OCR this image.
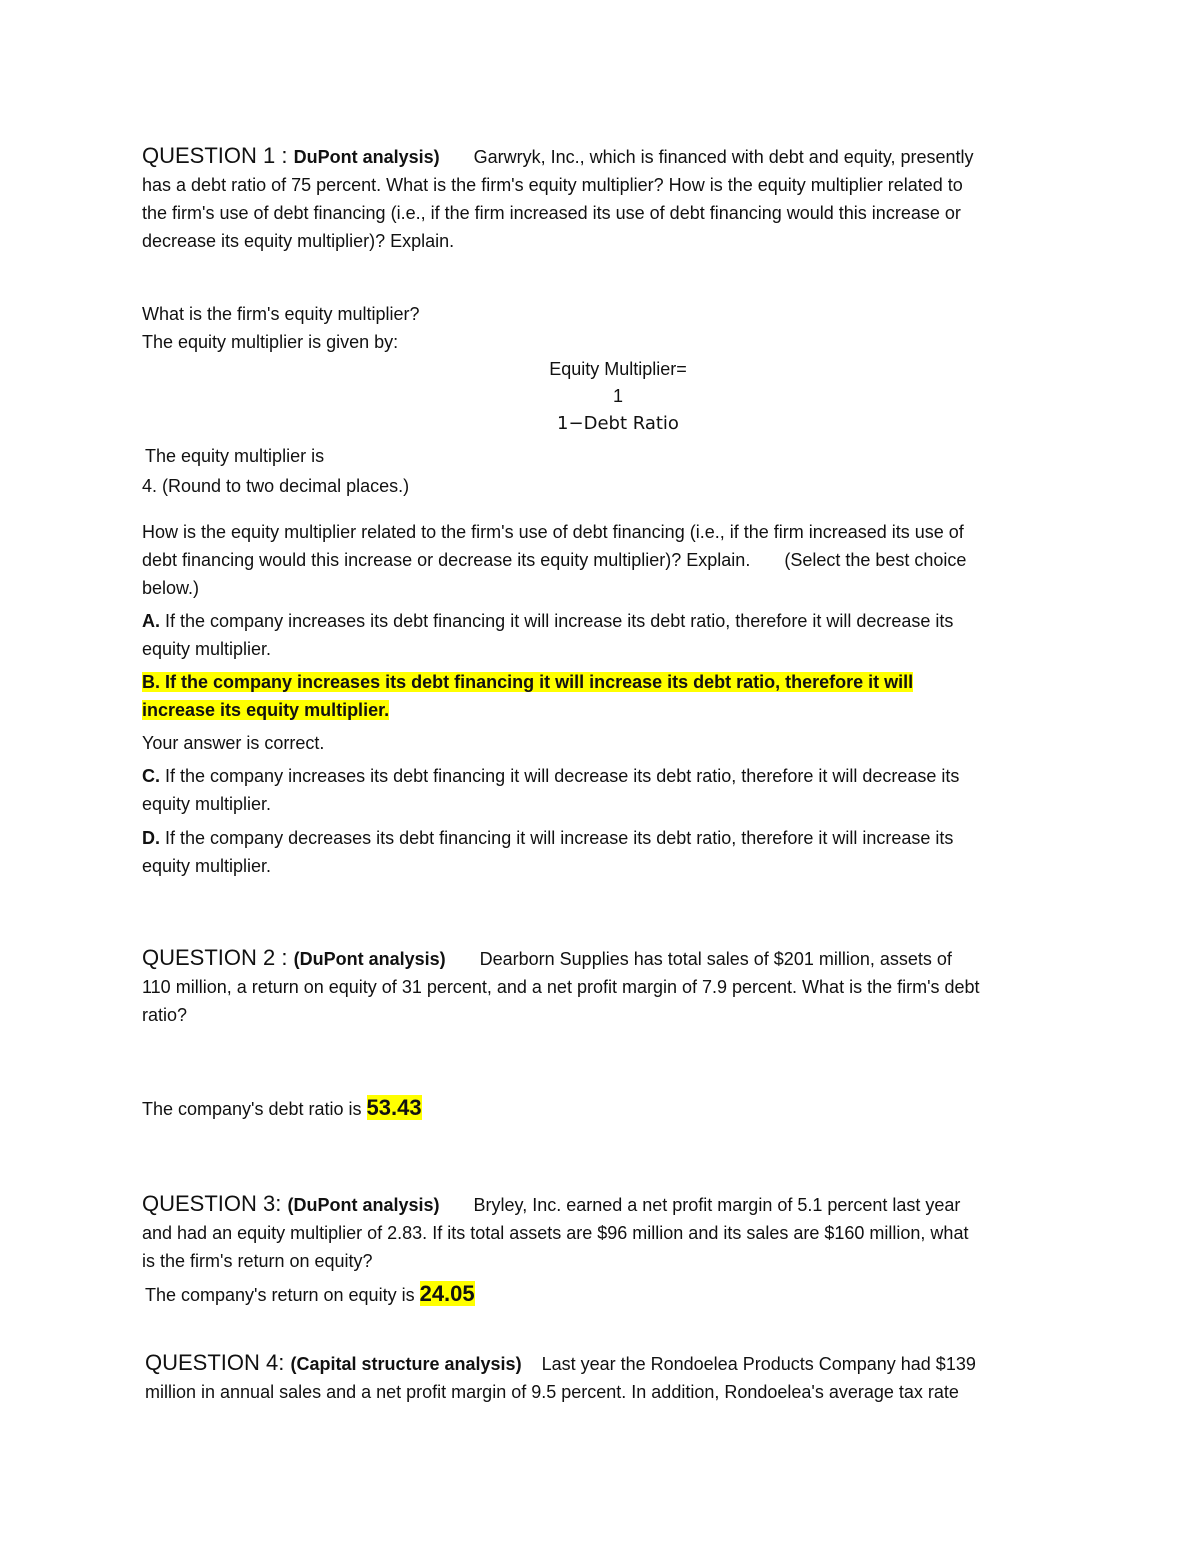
QUESTION 1 : DuPont analysis) Garwryk, Inc., which is financed with debt and equity, presently
has a debt ratio of 75 percent. What is the firm's equity multiplier? How is the equity multiplier related to
the firm's use of debt financing (i.e., if the firm increased its use of debt financing would this increase or
decrease its equity multiplier)? Explain.
What is the firm's equity multiplier?
The equity multiplier is given by:
Equity Multiplier=
1
1−Debt Ratio
The equity multiplier is
4. (Round to two decimal places.)
How is the equity multiplier related to the firm's use of debt financing (i.e., if the firm increased its use of
debt financing would this increase or decrease its equity multiplier)? Explain. (Select the best choice
below.)
A. If the company increases its debt financing it will increase its debt ratio, therefore it will decrease its
equity multiplier.
B. If the company increases its debt financing it will increase its debt ratio, therefore it will
increase its equity multiplier.
Your answer is correct.
C. If the company increases its debt financing it will decrease its debt ratio, therefore it will decrease its
equity multiplier.
D. If the company decreases its debt financing it will increase its debt ratio, therefore it will increase its
equity multiplier.
QUESTION 2 : (DuPont analysis) Dearborn Supplies has total sales of $201 million, assets of
110 million, a return on equity of 31 percent, and a net profit margin of 7.9 percent. What is the firm's debt
ratio?
The company's debt ratio is 53.43
QUESTION 3: (DuPont analysis) Bryley, Inc. earned a net profit margin of 5.1 percent last year
and had an equity multiplier of 2.83. If its total assets are $96 million and its sales are $160 million, what
is the firm's return on equity?
The company's return on equity is 24.05
QUESTION 4: (Capital structure analysis) Last year the Rondoelea Products Company had $139
million in annual sales and a net profit margin of 9.5 percent. In addition, Rondoelea's average tax rate
